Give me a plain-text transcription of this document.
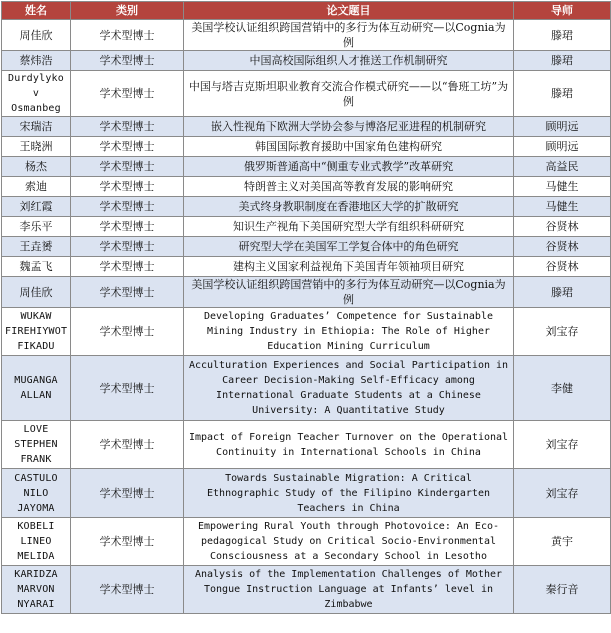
姓名	类别	论文题目	导师
周佳欣	学术型博士	美国学校认证组织跨国营销中的多行为体互动研究—以Cognia为例	滕珺
蔡炜浩	学术型博士	中国高校国际组织人才推送工作机制研究	滕珺
Durdylyko v Osmanbeg	学术型博士	中国与塔吉克斯坦职业教育交流合作模式研究——以“鲁班工坊”为例	滕珺
宋瑞洁	学术型博士	嵌入性视角下欧洲大学协会参与博洛尼亚进程的机制研究	顾明远
王晓洲	学术型博士	韩国国际教育援助中国家角色建构研究	顾明远
杨杰	学术型博士	俄罗斯普通高中“侧重专业式教学”改革研究	高益民
索迪	学术型博士	特朗普主义对美国高等教育发展的影响研究	马健生
刘红霞	学术型博士	美式终身教职制度在香港地区大学的扩散研究	马健生
李乐平	学术型博士	知识生产视角下美国研究型大学有组织科研研究	谷贤林
王垚赟	学术型博士	研究型大学在美国军工学复合体中的角色研究	谷贤林
魏孟飞	学术型博士	建构主义国家利益视角下美国青年领袖项目研究	谷贤林
周佳欣	学术型博士	美国学校认证组织跨国营销中的多行为体互动研究—以Cognia为例	滕珺
WUKAW FIREHIYWOT FIKADU	学术型博士	Developing Graduates’ Competence for Sustainable Mining Industry in Ethiopia: The Role of Higher Education Mining Curriculum	刘宝存
MUGANGA ALLAN	学术型博士	Acculturation Experiences and Social Participation in Career Decision-Making Self-Efficacy among International Graduate Students at a Chinese University: A Quantitative Study	李健
LOVE STEPHEN FRANK	学术型博士	Impact of Foreign Teacher Turnover on the Operational Continuity in International Schools in China	刘宝存
CASTULO NILO JAYOMA	学术型博士	Towards Sustainable Migration: A Critical Ethnographic Study of the Filipino Kindergarten Teachers in China	刘宝存
KOBELI LINEO MELIDA	学术型博士	Empowering Rural Youth through Photovoice: An Eco-pedagogical Study on Critical Socio-Environmental Consciousness at a Secondary School in Lesotho	黄宇
KARIDZA MARVON NYARAI	学术型博士	Analysis of the Implementation Challenges of Mother Tongue Instruction Language at Infants’ level in Zimbabwe	秦行音
